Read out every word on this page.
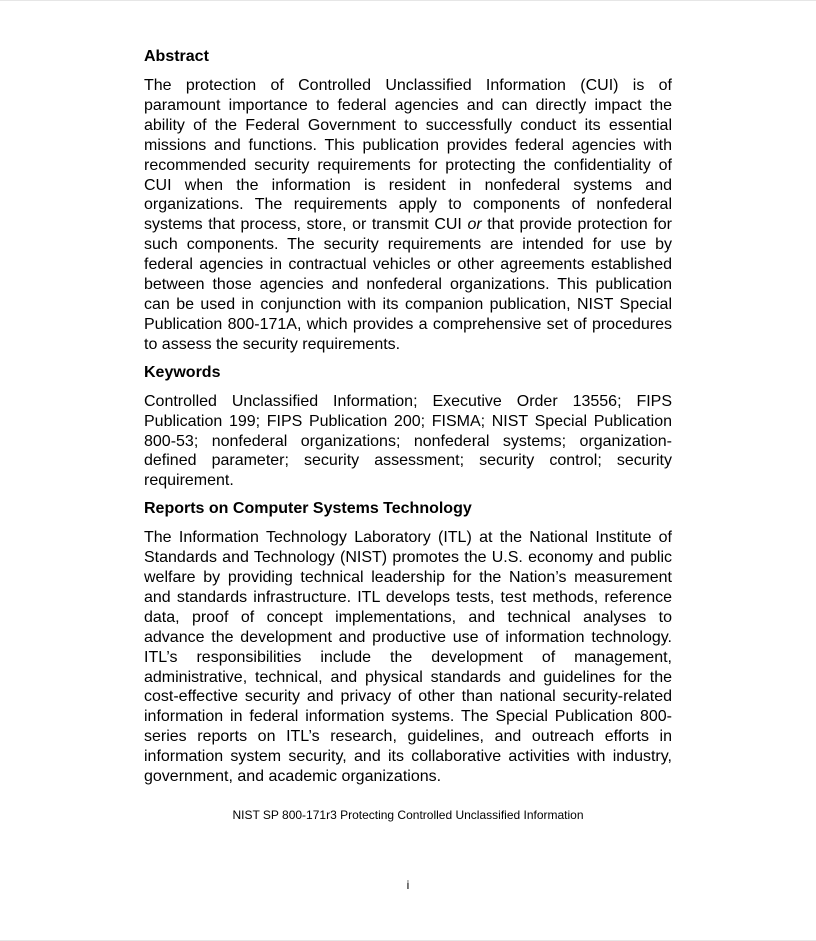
Abstract

The protection of Controlled Unclassified Information (CUI) is of paramount importance to federal agencies and can directly impact the ability of the Federal Government to successfully conduct its essential missions and functions. This publication provides federal agencies with recommended security requirements for protecting the confidentiality of CUI when the information is resident in nonfederal systems and organizations. The requirements apply to components of nonfederal systems that process, store, or transmit CUI or that provide protection for such components. The security requirements are intended for use by federal agencies in contractual vehicles or other agreements established between those agencies and nonfederal organizations. This publication can be used in conjunction with its companion publication, NIST Special Publication 800-171A, which provides a comprehensive set of procedures to assess the security requirements.

Keywords

Controlled Unclassified Information; Executive Order 13556; FIPS Publication 199; FIPS Publication 200; FISMA; NIST Special Publication 800-53; nonfederal organizations; nonfederal systems; organization-defined parameter; security assessment; security control; security requirement.

Reports on Computer Systems Technology

The Information Technology Laboratory (ITL) at the National Institute of Standards and Technology (NIST) promotes the U.S. economy and public welfare by providing technical leadership for the Nation’s measurement and standards infrastructure. ITL develops tests, test methods, reference data, proof of concept implementations, and technical analyses to advance the development and productive use of information technology. ITL’s responsibilities include the development of management, administrative, technical, and physical standards and guidelines for the cost-effective security and privacy of other than national security-related information in federal information systems. The Special Publication 800-series reports on ITL’s research, guidelines, and outreach efforts in information system security, and its collaborative activities with industry, government, and academic organizations.

NIST SP 800-171r3 Protecting Controlled Unclassified Information
i
